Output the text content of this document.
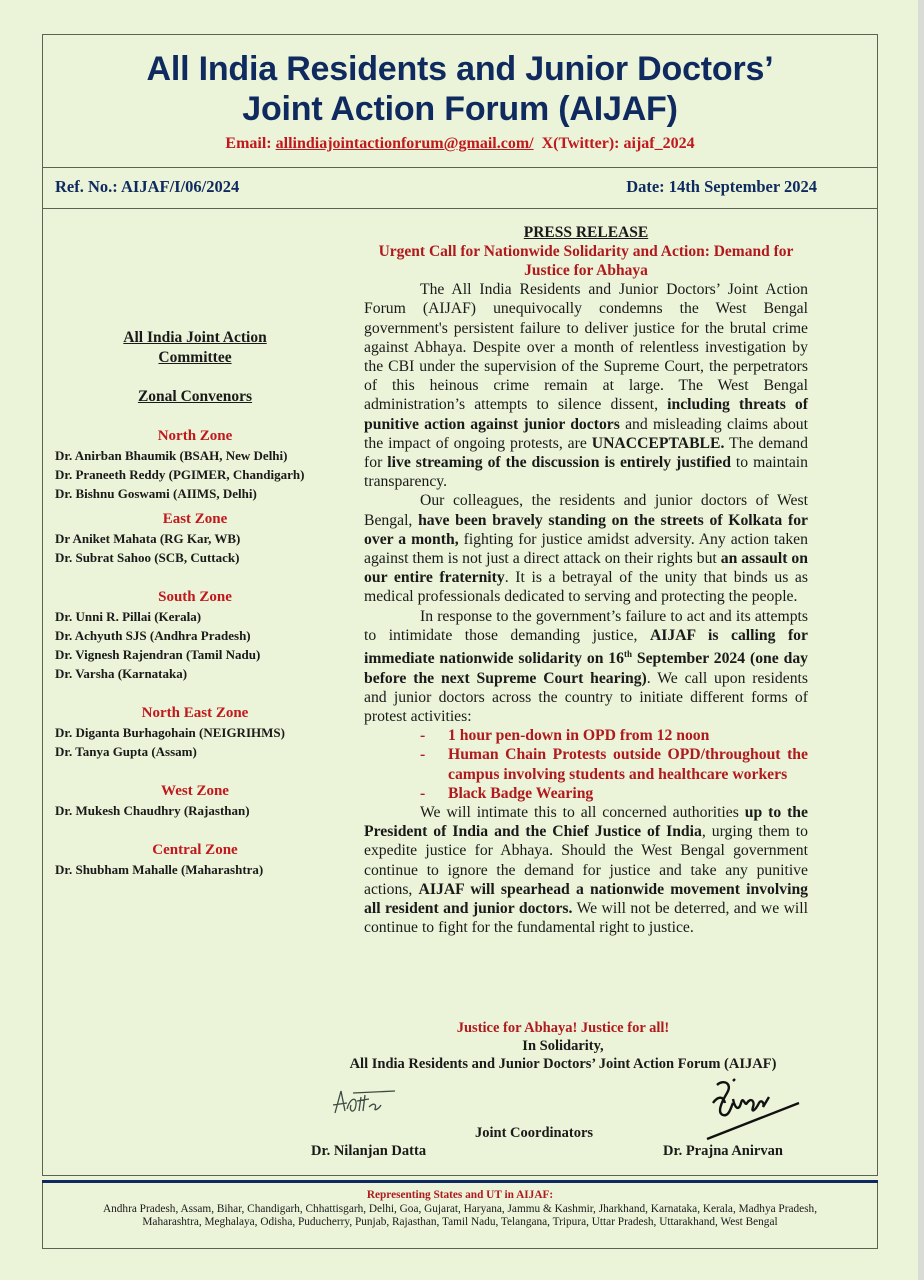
All India Residents and Junior Doctors’
Joint Action Forum (AIJAF)
Email: allindiajointactionforum@gmail.com/ X(Twitter): aijaf_2024
Ref. No.: AIJAF/I/06/2024	Date: 14th September 2024
All India Joint Action
Committee
Zonal Convenors
North Zone
Dr. Anirban Bhaumik (BSAH, New Delhi)
Dr. Praneeth Reddy (PGIMER, Chandigarh)
Dr. Bishnu Goswami (AIIMS, Delhi)
East Zone
Dr Aniket Mahata (RG Kar, WB)
Dr. Subrat Sahoo (SCB, Cuttack)
South Zone
Dr. Unni R. Pillai (Kerala)
Dr. Achyuth SJS (Andhra Pradesh)
Dr. Vignesh Rajendran (Tamil Nadu)
Dr. Varsha (Karnataka)
North East Zone
Dr. Diganta Burhagohain (NEIGRIHMS)
Dr. Tanya Gupta (Assam)
West Zone
Dr. Mukesh Chaudhry (Rajasthan)
Central Zone
Dr. Shubham Mahalle (Maharashtra)
PRESS RELEASE
Urgent Call for Nationwide Solidarity and Action: Demand for Justice for Abhaya

The All India Residents and Junior Doctors’ Joint Action Forum (AIJAF) unequivocally condemns the West Bengal government's persistent failure to deliver justice for the brutal crime against Abhaya. Despite over a month of relentless investigation by the CBI under the supervision of the Supreme Court, the perpetrators of this heinous crime remain at large. The West Bengal administration’s attempts to silence dissent, including threats of punitive action against junior doctors and misleading claims about the impact of ongoing protests, are UNACCEPTABLE. The demand for live streaming of the discussion is entirely justified to maintain transparency.

Our colleagues, the residents and junior doctors of West Bengal, have been bravely standing on the streets of Kolkata for over a month, fighting for justice amidst adversity. Any action taken against them is not just a direct attack on their rights but an assault on our entire fraternity. It is a betrayal of the unity that binds us as medical professionals dedicated to serving and protecting the people.

In response to the government’s failure to act and its attempts to intimidate those demanding justice, AIJAF is calling for immediate nationwide solidarity on 16th September 2024 (one day before the next Supreme Court hearing). We call upon residents and junior doctors across the country to initiate different forms of protest activities:

- 1 hour pen-down in OPD from 12 noon
- Human Chain Protests outside OPD/throughout the campus involving students and healthcare workers
- Black Badge Wearing

We will intimate this to all concerned authorities up to the President of India and the Chief Justice of India, urging them to expedite justice for Abhaya. Should the West Bengal government continue to ignore the demand for justice and take any punitive actions, AIJAF will spearhead a nationwide movement involving all resident and junior doctors. We will not be deterred, and we will continue to fight for the fundamental right to justice.

Justice for Abhaya! Justice for all!
In Solidarity,
All India Residents and Junior Doctors’ Joint Action Forum (AIJAF)
Joint Coordinators
Dr. Nilanjan Datta	Dr. Prajna Anirvan
Representing States and UT in AIJAF:
Andhra Pradesh, Assam, Bihar, Chandigarh, Chhattisgarh, Delhi, Goa, Gujarat, Haryana, Jammu & Kashmir, Jharkhand, Karnataka, Kerala, Madhya Pradesh,
Maharashtra, Meghalaya, Odisha, Puducherry, Punjab, Rajasthan, Tamil Nadu, Telangana, Tripura, Uttar Pradesh, Uttarakhand, West Bengal
